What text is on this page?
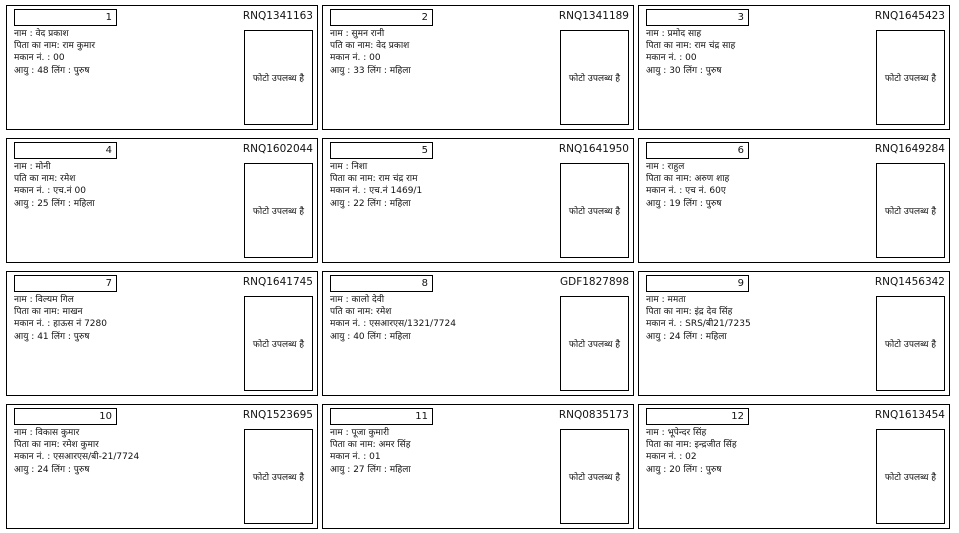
1	RNQ1341163
नाम : वेद प्रकाश
पिता का नाम: राम कुमार
मकान नं. : 00
आयु : 48 लिंग : पुरुष
फोटो उपलब्ध है
2	RNQ1341189
नाम : सुमन रानी
पति का नाम: वेद प्रकाश
मकान नं. : 00
आयु : 33 लिंग : महिला
फोटो उपलब्ध है
3	RNQ1645423
नाम : प्रमोद साह
पिता का नाम: राम चंद्र साह
मकान नं. : 00
आयु : 30 लिंग : पुरुष
फोटो उपलब्ध है
4	RNQ1602044
नाम : मोनी
पति का नाम: रमेश
मकान नं. : एच.नं 00
आयु : 25 लिंग : महिला
फोटो उपलब्ध है
5	RNQ1641950
नाम : निशा
पिता का नाम: राम चंद्र राम
मकान नं. : एच.नं 1469/1
आयु : 22 लिंग : महिला
फोटो उपलब्ध है
6	RNQ1649284
नाम : राहुल
पिता का नाम: अरुण शाह
मकान नं. : एच नं. 60ए
आयु : 19 लिंग : पुरुष
फोटो उपलब्ध है
7	RNQ1641745
नाम : विल्यम गिल
पिता का नाम: माखन
मकान नं. : हाऊस नं 7280
आयु : 41 लिंग : पुरुष
फोटो उपलब्ध है
8	GDF1827898
नाम : कालो देवी
पति का नाम: रमेश
मकान नं. : एसआरएस/1321/7724
आयु : 40 लिंग : महिला
फोटो उपलब्ध है
9	RNQ1456342
नाम : ममता
पिता का नाम: इंद्र देव सिंह
मकान नं. : SRS/बी21/7235
आयु : 24 लिंग : महिला
फोटो उपलब्ध है
10	RNQ1523695
नाम : विकास कुमार
पिता का नाम: रमेश कुमार
मकान नं. : एसआरएस/बी-21/7724
आयु : 24 लिंग : पुरुष
फोटो उपलब्ध है
11	RNQ0835173
नाम : पूजा कुमारी
पिता का नाम: अमर सिंह
मकान नं. : 01
आयु : 27 लिंग : महिला
फोटो उपलब्ध है
12	RNQ1613454
नाम : भूपेन्दर सिंह
पिता का नाम: इन्द्रजीत सिंह
मकान नं. : 02
आयु : 20 लिंग : पुरुष
फोटो उपलब्ध है
